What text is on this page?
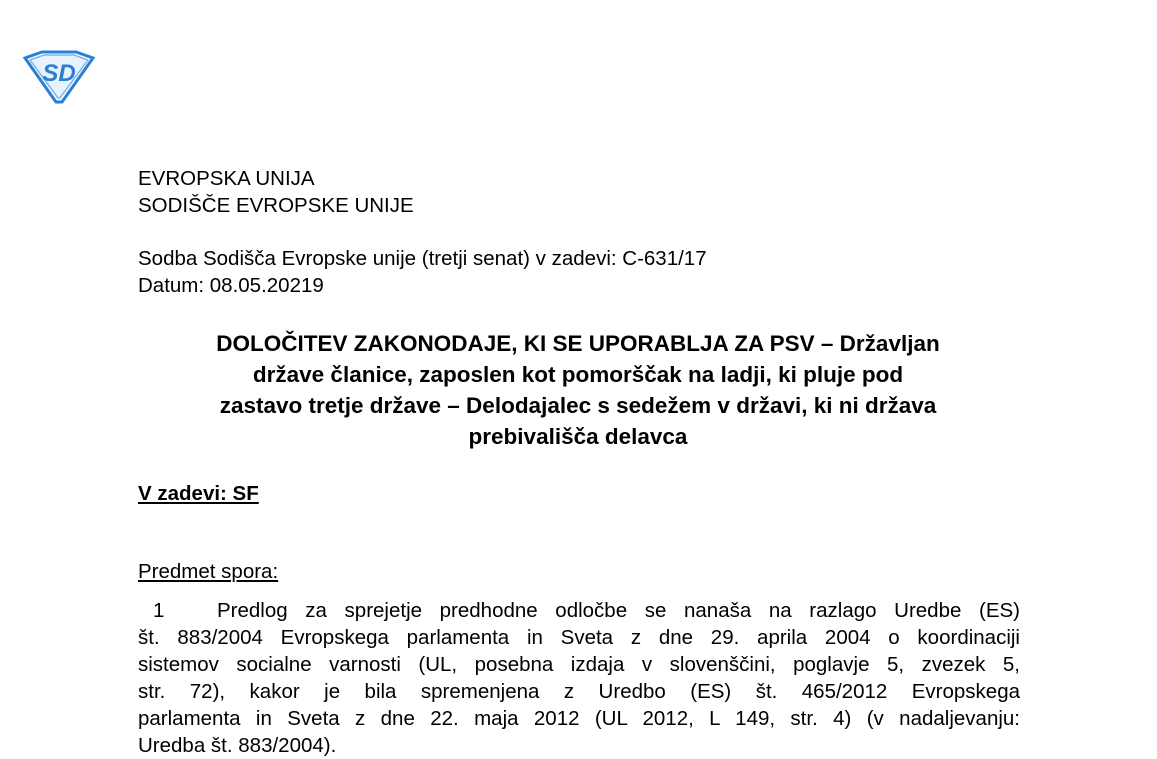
SD
EVROPSKA UNIJA
SODIŠČE EVROPSKE UNIJE
Sodba Sodišča Evropske unije (tretji senat) v zadevi: C-631/17
Datum: 08.05.20219
DOLOČITEV ZAKONODAJE, KI SE UPORABLJA ZA PSV – Državljan
države članice, zaposlen kot pomorščak na ladji, ki pluje pod
zastavo tretje države – Delodajalec s sedežem v državi, ki ni država
prebivališča delavca
V zadevi: SF
Predmet spora:
1	Predlog za sprejetje predhodne odločbe se nanaša na razlago Uredbe (ES)
št. 883/2004 Evropskega parlamenta in Sveta z dne 29. aprila 2004 o koordinaciji
sistemov socialne varnosti (UL, posebna izdaja v slovenščini, poglavje 5, zvezek 5,
str. 72), kakor je bila spremenjena z Uredbo (ES) št. 465/2012 Evropskega
parlamenta in Sveta z dne 22. maja 2012 (UL 2012, L 149, str. 4) (v nadaljevanju:
Uredba št. 883/2004).
